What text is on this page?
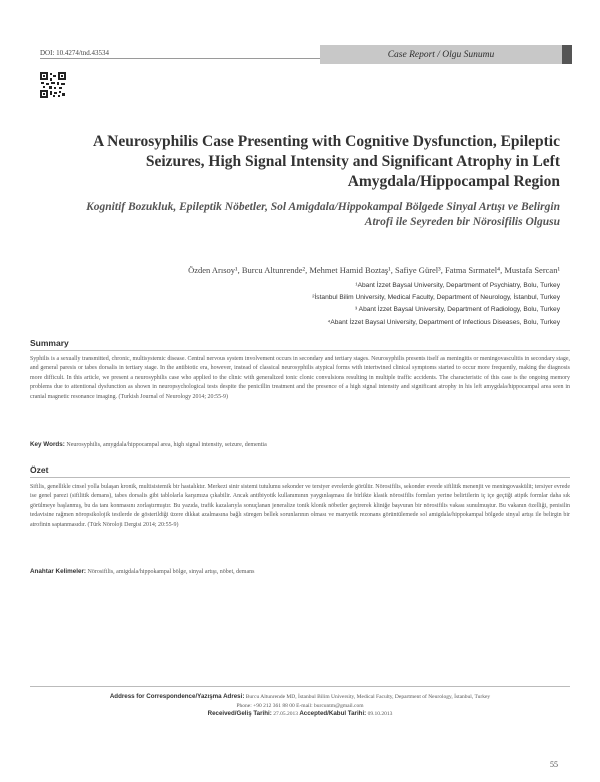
DOI: 10.4274/tnd.43534	Case Report / Olgu Sunumu
A Neurosyphilis Case Presenting with Cognitive Dysfunction, Epileptic Seizures, High Signal Intensity and Significant Atrophy in Left Amygdala/Hippocampal Region
Kognitif Bozukluk, Epileptik Nöbetler, Sol Amigdala/Hippokampal Bölgede Sinyal Artışı ve Belirgin Atrofi ile Seyreden bir Nörosifilis Olgusu
Özden Arısoy¹, Burcu Altunrende², Mehmet Hamid Boztaş¹, Safiye Gürel³, Fatma Sırmatel⁴, Mustafa Sercan¹
¹Abant İzzet Baysal University, Department of Psychiatry, Bolu, Turkey
²İstanbul Bilim University, Medical Faculty, Department of Neurology, İstanbul, Turkey
³ Abant İzzet Baysal University, Department of Radiology, Bolu, Turkey
⁴Abant İzzet Baysal University, Department of Infectious Diseases, Bolu, Turkey
Summary
Syphilis is a sexually transmitted, chronic, multisystemic disease. Central nervous system involvement occurs in secondary and tertiary stages. Neurosyphilis presents itself as meningitis or meningovasculitis in secondary stage, and general paresis or tabes dorsalis in tertiary stage. In the antibiotic era, however, instead of classical neurosyphilis atypical forms with intertwined clinical symptoms started to occur more frequently, making the diagnosis more difficult. In this article, we present a neurosyphilis case who applied to the clinic with generalized tonic clonic convulsions resulting in multiple traffic accidents. The characteristic of this case is the ongoing memory problems due to attentional dysfunction as shown in neuropsychological tests despite the penicillin treatment and the presence of a high signal intensity and significant atrophy in his left amygdala/hippocampal area seen in cranial magnetic resonance imaging. (Turkish Journal of Neurology 2014; 20:55-9)
Key Words: Neurosyphilis, amygdala/hippocampal area, high signal intensity, seizure, dementia
Özet
Sifilis, genellikle cinsel yolla bulaşan kronik, multisistemik bir hastalıktır. Merkezi sinir sistemi tutulumu sekonder ve tersiyer evrelerde görülür. Nörosifilis, sekonder evrede sifilitik menenjit ve meningovaskülit; tersiyer evrede ise genel parezi (sifilitik demans), tabes dorsalis gibi tablolarla karşımıza çıkabilir. Ancak antibiyotik kullanımının yaygınlaşması ile birlikte klasik nörosifilis formları yerine belirtilerin iç içe geçtiği atipik formlar daha sık görülmeye başlanmış, bu da tanı konmasını zorlaştırmıştır. Bu yazıda, trafik kazalarıyla sonuçlanan jeneralize tonik klonik nöbetler geçirerek kliniğe başvuran bir nörosifilis vakası sunulmuştur. Bu vakanın özelliği, penisilin tedavisine rağmen nöropsikolojik testlerde de gösterildiği üzere dikkat azalmasına bağlı süregen bellek sorunlarının olması ve manyetik rezonans görüntülemede sol amigdala/hippokampal bölgede sinyal artışı ile belirgin bir atrofinin saptanmasıdır. (Türk Nöroloji Dergisi 2014; 20:55-9)
Anahtar Kelimeler: Nörosifilis, amigdala/hippokampal bölge, sinyal artışı, nöbet, demans
Address for Correspondence/Yazışma Adresi: Burcu Altunrende MD, İstanbul Bilim University, Medical Faculty, Department of Neurology, İstanbul, Turkey
Phone: +90 212 361 88 00 E-mail: burcuntm@gmail.com
Received/Geliş Tarihi: 27.05.2013 Accepted/Kabul Tarihi: 09.10.2013
55
